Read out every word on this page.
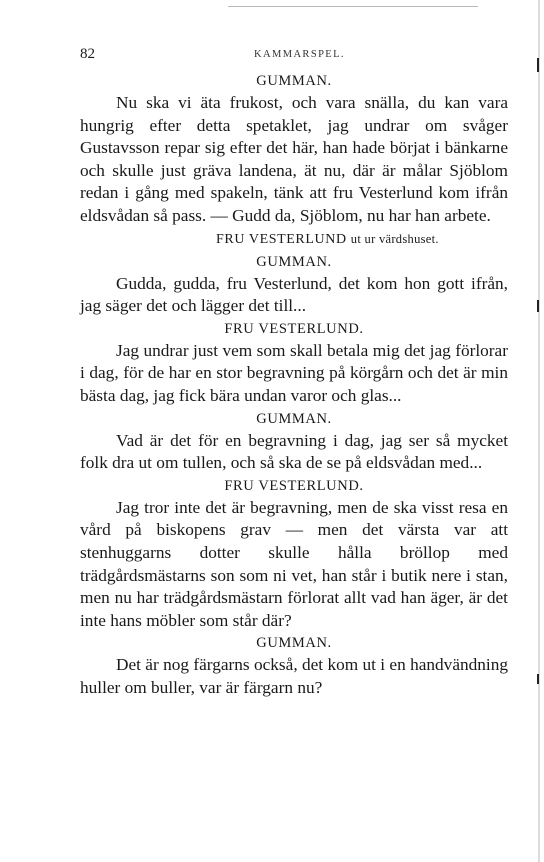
82	KAMMARSPEL.

GUMMAN.

Nu ska vi äta frukost, och vara snälla, du kan vara hungrig efter detta spetaklet, jag undrar om svåger Gustavsson repar sig efter det här, han hade börjat i bänkarne och skulle just gräva landena, ät nu, där är målar Sjöblom redan i gång med spakeln, tänk att fru Vesterlund kom ifrån eldsvådan så pass. — Gudd da, Sjöblom, nu har han arbete.

FRU VESTERLUND ut ur värdshuset.

GUMMAN.

Gudda, gudda, fru Vesterlund, det kom hon gott ifrån, jag säger det och lägger det till...

FRU VESTERLUND.

Jag undrar just vem som skall betala mig det jag förlorar i dag, för de har en stor begravning på körgårn och det är min bästa dag, jag fick bära undan varor och glas...

GUMMAN.

Vad är det för en begravning i dag, jag ser så mycket folk dra ut om tullen, och så ska de se på eldsvådan med...

FRU VESTERLUND.

Jag tror inte det är begravning, men de ska visst resa en vård på biskopens grav — men det värsta var att stenhuggarns dotter skulle hålla bröllop med trädgårdsmästarns son som ni vet, han står i butik nere i stan, men nu har trädgårdsmästarn förlorat allt vad han äger, är det inte hans möbler som står där?

GUMMAN.

Det är nog färgarns också, det kom ut i en handvändning huller om buller, var är färgarn nu?
